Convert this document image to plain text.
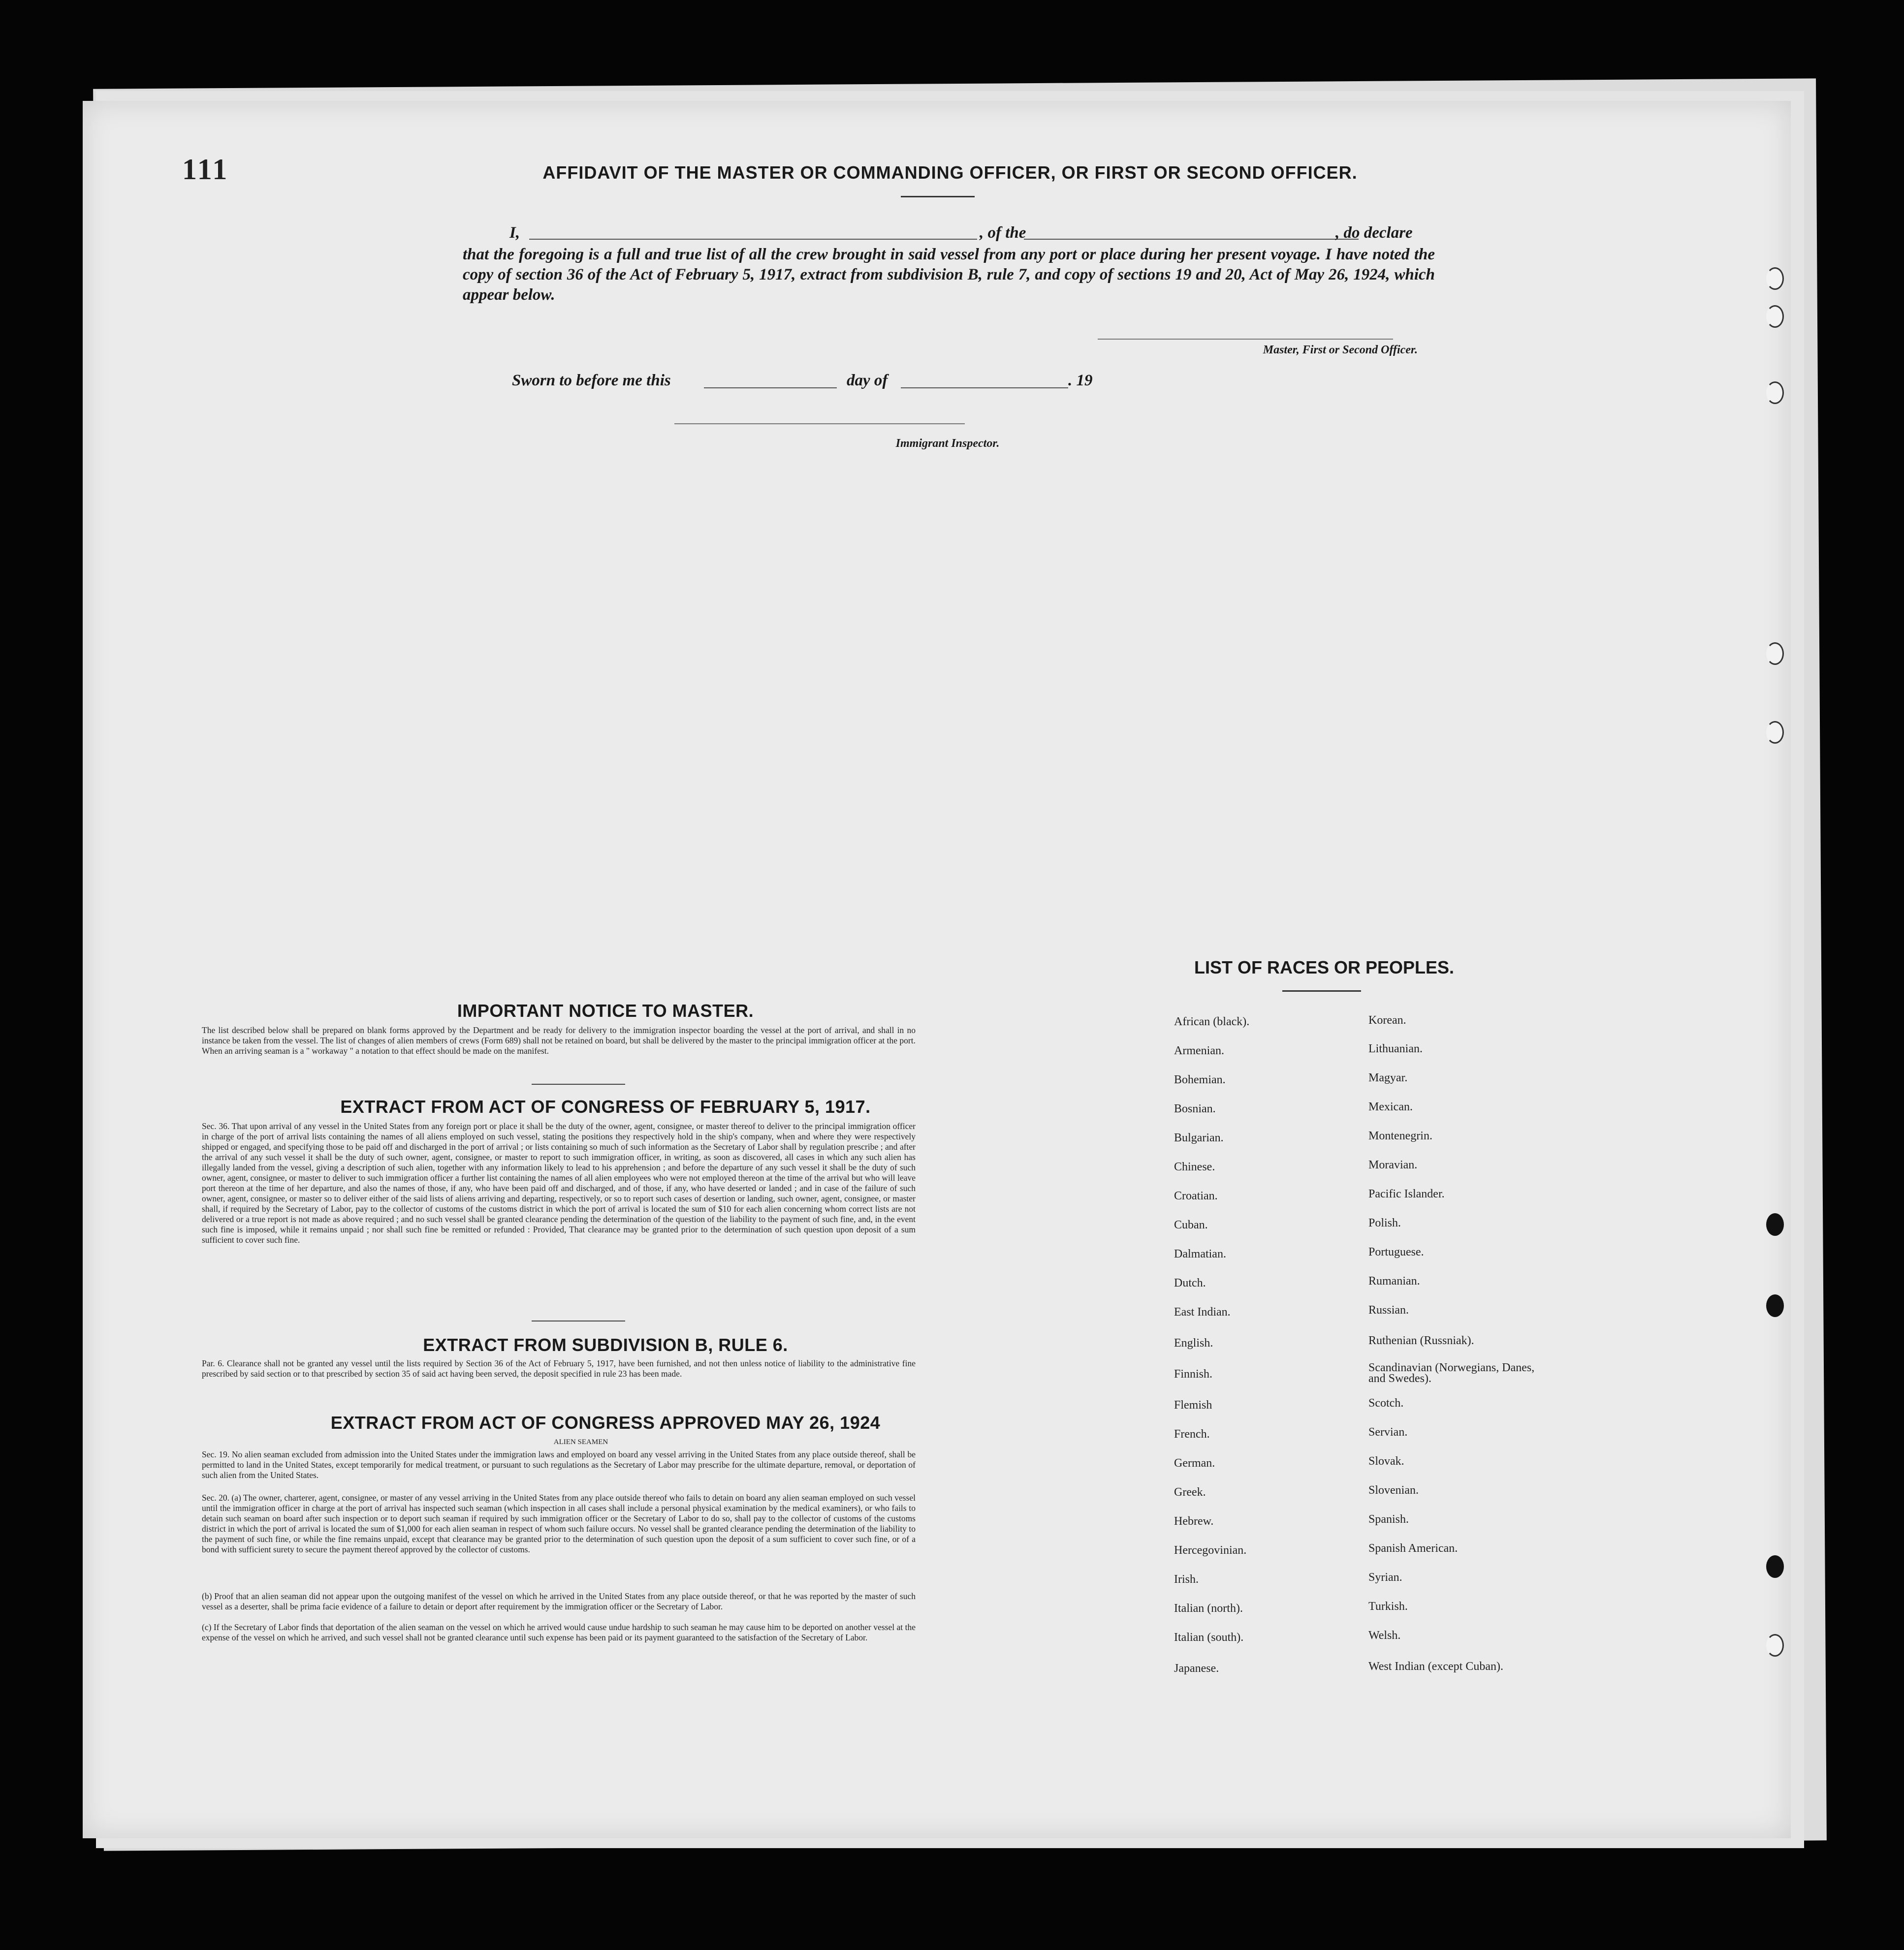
111	AFFIDAVIT OF THE MASTER OR COMMANDING OFFICER, OR FIRST OR SECOND OFFICER.
I,	, of the	, do declare
that the foregoing is a full and true list of all the crew brought in said vessel from any port or place during her present voyage. I have noted the copy of section 36 of the Act of February 5, 1917, extract from subdivision B, rule 7, and copy of sections 19 and 20, Act of May 26, 1924, which appear below.
Master, First or Second Officer.
Sworn to before me this	day of	. 19
Immigrant Inspector.
IMPORTANT NOTICE TO MASTER.
The list described below shall be prepared on blank forms approved by the Department and be ready for delivery to the immigration inspector boarding the vessel at the port of arrival, and shall in no instance be taken from the vessel. The list of changes of alien members of crews (Form 689) shall not be retained on board, but shall be delivered by the master to the principal immigration officer at the port. When an arriving seaman is a " workaway " a notation to that effect should be made on the manifest.
EXTRACT FROM ACT OF CONGRESS OF FEBRUARY 5, 1917.
Sec. 36. That upon arrival of any vessel in the United States from any foreign port or place it shall be the duty of the owner, agent, consignee, or master thereof to deliver to the principal immigration officer in charge of the port of arrival lists containing the names of all aliens employed on such vessel, stating the positions they respectively hold in the ship's company, when and where they were respectively shipped or engaged, and specifying those to be paid off and discharged in the port of arrival ; or lists containing so much of such information as the Secretary of Labor shall by regulation prescribe ; and after the arrival of any such vessel it shall be the duty of such owner, agent, consignee, or master to report to such immigration officer, in writing, as soon as discovered, all cases in which any such alien has illegally landed from the vessel, giving a description of such alien, together with any information likely to lead to his apprehension ; and before the departure of any such vessel it shall be the duty of such owner, agent, consignee, or master to deliver to such immigration officer a further list containing the names of all alien employees who were not employed thereon at the time of the arrival but who will leave port thereon at the time of her departure, and also the names of those, if any, who have been paid off and discharged, and of those, if any, who have deserted or landed ; and in case of the failure of such owner, agent, consignee, or master so to deliver either of the said lists of aliens arriving and departing, respectively, or so to report such cases of desertion or landing, such owner, agent, consignee, or master shall, if required by the Secretary of Labor, pay to the collector of customs of the customs district in which the port of arrival is located the sum of $10 for each alien concerning whom correct lists are not delivered or a true report is not made as above required ; and no such vessel shall be granted clearance pending the determination of the question of the liability to the payment of such fine, and, in the event such fine is imposed, while it remains unpaid ; nor shall such fine be remitted or refunded : Provided, That clearance may be granted prior to the determination of such question upon deposit of a sum sufficient to cover such fine.
EXTRACT FROM SUBDIVISION B, RULE 6.
Par. 6. Clearance shall not be granted any vessel until the lists required by Section 36 of the Act of February 5, 1917, have been furnished, and not then unless notice of liability to the administrative fine prescribed by said section or to that prescribed by section 35 of said act having been served, the deposit specified in rule 23 has been made.
EXTRACT FROM ACT OF CONGRESS APPROVED MAY 26, 1924
ALIEN SEAMEN
Sec. 19. No alien seaman excluded from admission into the United States under the immigration laws and employed on board any vessel arriving in the United States from any place outside thereof, shall be permitted to land in the United States, except temporarily for medical treatment, or pursuant to such regulations as the Secretary of Labor may prescribe for the ultimate departure, removal, or deportation of such alien from the United States.
Sec. 20. (a) The owner, charterer, agent, consignee, or master of any vessel arriving in the United States from any place outside thereof who fails to detain on board any alien seaman employed on such vessel until the immigration officer in charge at the port of arrival has inspected such seaman (which inspection in all cases shall include a personal physical examination by the medical examiners), or who fails to detain such seaman on board after such inspection or to deport such seaman if required by such immigration officer or the Secretary of Labor to do so, shall pay to the collector of customs of the customs district in which the port of arrival is located the sum of $1,000 for each alien seaman in respect of whom such failure occurs. No vessel shall be granted clearance pending the determination of the liability to the payment of such fine, or while the fine remains unpaid, except that clearance may be granted prior to the determination of such question upon the deposit of a sum sufficient to cover such fine, or of a bond with sufficient surety to secure the payment thereof approved by the collector of customs.
(b) Proof that an alien seaman did not appear upon the outgoing manifest of the vessel on which he arrived in the United States from any place outside thereof, or that he was reported by the master of such vessel as a deserter, shall be prima facie evidence of a failure to detain or deport after requirement by the immigration officer or the Secretary of Labor.
(c) If the Secretary of Labor finds that deportation of the alien seaman on the vessel on which he arrived would cause undue hardship to such seaman he may cause him to be deported on another vessel at the expense of the vessel on which he arrived, and such vessel shall not be granted clearance until such expense has been paid or its payment guaranteed to the satisfaction of the Secretary of Labor.
LIST OF RACES OR PEOPLES.
African (black).
Armenian.
Bohemian.
Bosnian.
Bulgarian.
Chinese.
Croatian.
Cuban.
Dalmatian.
Dutch.
East Indian.
English.
Finnish.
Flemish
French.
German.
Greek.
Hebrew.
Hercegovinian.
Irish.
Italian (north).
Italian (south).
Japanese.
Korean.
Lithuanian.
Magyar.
Mexican.
Montenegrin.
Moravian.
Pacific Islander.
Polish.
Portuguese.
Rumanian.
Russian.
Ruthenian (Russniak).
Scandinavian (Norwegians, Danes, and Swedes).
Scotch.
Servian.
Slovak.
Slovenian.
Spanish.
Spanish American.
Syrian.
Turkish.
Welsh.
West Indian (except Cuban).
